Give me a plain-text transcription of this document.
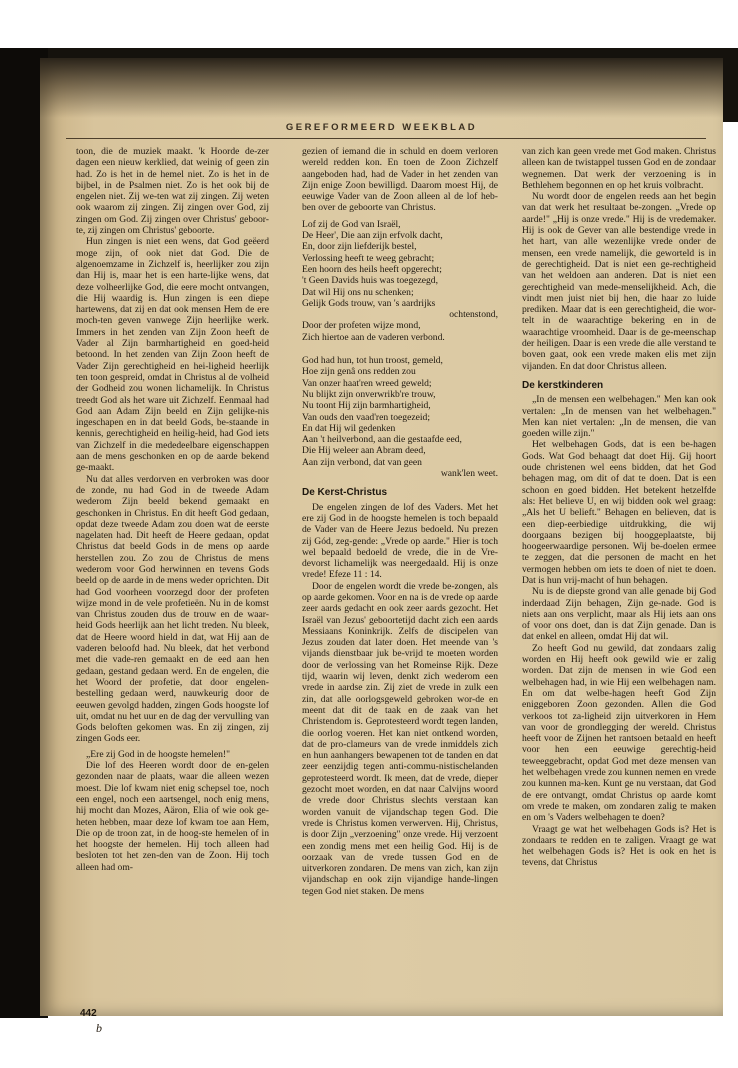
GEREFORMEERD WEEKBLAD

toon, die de muziek maakt. 'k Hoorde de-zer dagen een nieuw kerklied, dat weinig of geen zin had. Zo is het in de hemel niet. Zo is het in de bijbel, in de Psalmen niet. Zo is het ook bij de engelen niet. Zij we-ten wat zij zingen. Zij weten ook waarom zij zingen. Zij zingen over God, zij zingen om God. Zij zingen over Christus' geboor-te, zij zingen om Christus' geboorte.

Hun zingen is niet een wens, dat God geëerd moge zijn, of ook niet dat God. Die de algenoemzame in Zichzelf is, heerlijker zou zijn dan Hij is, maar het is een harte-lijke wens, dat deze volheerlijke God, die eere mocht ontvangen, die Hij waardig is. Hun zingen is een diepe hartewens, dat zij en dat ook mensen Hem de ere moch-ten geven vanwege Zijn heerlijke werk. Immers in het zenden van Zijn Zoon heeft de Vader al Zijn barmhartigheid en goed-heid betoond. In het zenden van Zijn Zoon heeft de Vader Zijn gerechtigheid en hei-ligheid heerlijk ten toon gespreid, omdat in Christus al de volheid der Godheid zou wonen lichamelijk. In Christus treedt God als het ware uit Zichzelf. Eenmaal had God aan Adam Zijn beeld en Zijn gelijke-nis ingeschapen en in dat beeld Gods, be-staande in kennis, gerechtigheid en heilig-heid, had God iets van Zichzelf in die mededeelbare eigenschappen aan de mens geschonken en op de aarde bekend ge-maakt.

Nu dat alles verdorven en verbroken was door de zonde, nu had God in de tweede Adam wederom Zijn beeld bekend gemaakt en geschonken in Christus. En dit heeft God gedaan, opdat deze tweede Adam zou doen wat de eerste nagelaten had. Dit heeft de Heere gedaan, opdat Christus dat beeld Gods in de mens op aarde herstellen zou. Zo zou de Christus de mens wederom voor God herwinnen en tevens Gods beeld op de aarde in de mens weder oprichten. Dit had God voorheen voorzegd door der profeten wijze mond in de vele profetieën. Nu in de komst van Christus zouden dus de trouw en de waar-heid Gods heerlijk aan het licht treden. Nu bleek, dat de Heere woord hield in dat, wat Hij aan de vaderen beloofd had. Nu bleek, dat het verbond met die vade-ren gemaakt en de eed aan hen gedaan, gestand gedaan werd. En de engelen, die het Woord der profetie, dat door engelen-bestelling gedaan werd, nauwkeurig door de eeuwen gevolgd hadden, zingen Gods hoogste lof uit, omdat nu het uur en de dag der vervulling van Gods beloften gekomen was. En zij zingen, zij zingen Gods eer.

„Ere zij God in de hoogste hemelen!"

Die lof des Heeren wordt door de en-gelen gezonden naar de plaats, waar die alleen wezen moest. Die lof kwam niet enig schepsel toe, noch een engel, noch een aartsengel, noch enig mens, hij mocht dan Mozes, Aäron, Elia of wie ook ge-heten hebben, maar deze lof kwam toe aan Hem, Die op de troon zat, in de hoog-ste hemelen of in het hoogste der hemelen. Hij toch alleen had besloten tot het zen-den van de Zoon. Hij toch alleen had om-

gezien of iemand die in schuld en doem verloren wereld redden kon. En toen de Zoon Zichzelf aangeboden had, had de Vader in het zenden van Zijn enige Zoon bewilligd. Daarom moest Hij, de eeuwige Vader van de Zoon alleen al de lof heb-ben over de geboorte van Christus.

Lof zij de God van Israël,
De Heer', Die aan zijn erfvolk dacht,
En, door zijn liefderijk bestel,
Verlossing heeft te weeg gebracht;
Een hoorn des heils heeft opgerecht;
't Geen Davids huis was toegezegd,
Dat wil Hij ons nu schenken;
Gelijk Gods trouw, van 's aardrijks
ochtenstond,
Door der profeten wijze mond,
Zich hiertoe aan de vaderen verbond.
God had hun, tot hun troost, gemeld,
Hoe zijn genâ ons redden zou
Van onzer haat'ren wreed geweld;
Nu blijkt zijn onverwrikb're trouw,
Nu toont Hij zijn barmhartigheid,
Van ouds den vaad'ren toegezeid;
En dat Hij wil gedenken
Aan 't heilverbond, aan die gestaafde eed,
Die Hij weleer aan Abram deed,
Aan zijn verbond, dat van geen
wank'len weet.
De Kerst-Christus

De engelen zingen de lof des Vaders. Met het ere zij God in de hoogste hemelen is toch bepaald de Vader van de Heere Jezus bedoeld. Nu prezen zij Gód, zeg-gende: „Vrede op aarde." Hier is toch wel bepaald bedoeld de vrede, die in de Vre-devorst lichamelijk was neergedaald. Hij is onze vrede! Efeze 11 : 14.

Door de engelen wordt die vrede be-zongen, als op aarde gekomen. Voor en na is de vrede op aarde zeer aards gedacht en ook zeer aards gezocht. Het Israël van Jezus' geboortetijd dacht zich een aards Messiaans Koninkrijk. Zelfs de discipelen van Jezus zouden dat later doen. Het meende van 's vijands dienstbaar juk be-vrijd te moeten worden door de verlossing van het Romeinse Rijk. Deze tijd, waarin wij leven, denkt zich wederom een vrede in aardse zin. Zij ziet de vrede in zulk een zin, dat alle oorlogsgeweld gebroken wor-de en meent dat dit de taak en de zaak van het Christendom is. Geprotesteerd wordt tegen landen, die oorlog voeren. Het kan niet ontkend worden, dat de pro-clameurs van de vrede inmiddels zich en hun aanhangers bewapenen tot de tanden en dat zeer eenzijdig tegen anti-commu-nistischelanden geprotesteerd wordt. Ik meen, dat de vrede, dieper gezocht moet worden, en dat naar Calvijns woord de vrede door Christus slechts verstaan kan worden vanuit de vijandschap tegen God. Die vrede is Christus komen verwerven. Hij, Christus, is door Zijn „verzoening" onze vrede. Hij verzoent een zondig mens met een heilig God. Hij is de oorzaak van de vrede tussen God en de uitverkoren zondaren. De mens van zich, kan zijn vijandschap en ook zijn vijandige hande-lingen tegen God niet staken. De mens

van zich kan geen vrede met God maken. Christus alleen kan de twistappel tussen God en de zondaar wegnemen. Dat werk der verzoening is in Bethlehem begonnen en op het kruis volbracht.

Nu wordt door de engelen reeds aan het begin van dat werk het resultaat be-zongen. „Vrede op aarde!" „Hij is onze vrede." Hij is de vredemaker. Hij is ook de Gever van alle bestendige vrede in het hart, van alle wezenlijke vrede onder de mensen, een vrede namelijk, die geworteld is in de gerechtigheid. Dat is niet een ge-rechtigheid van het weldoen aan anderen. Dat is niet een gerechtigheid van mede-menselijkheid. Ach, die vindt men juist niet bij hen, die haar zo luide prediken. Maar dat is een gerechtigheid, die wor-telt in de waarachtige bekering en in de waarachtige vroomheid. Daar is de ge-meenschap der heiligen. Daar is een vrede die alle verstand te boven gaat, ook een vrede maken elis met zijn vijanden. En dat door Christus alleen.

De kerstkinderen

„In de mensen een welbehagen." Men kan ook vertalen: „In de mensen van het welbehagen." Men kan niet vertalen: „In de mensen, die van goeden wille zijn."

Het welbehagen Gods, dat is een be-hagen Gods. Wat God behaagt dat doet Hij. Gij hoort oude christenen wel eens bidden, dat het God behagen mag, om dit of dat te doen. Dat is een schoon en goed bidden. Het betekent hetzelfde als: Het believe U, en wij bidden ook wel graag: „Als het U belieft." Behagen en believen, dat is een diep-eerbiedige uitdrukking, die wij doorgaans bezigen bij hooggeplaatste, bij hoogeerwaardige personen. Wij be-doelen ermee te zeggen, dat die personen de macht en het vermogen hebben om iets te doen of niet te doen. Dat is hun vrij-macht of hun behagen.

Nu is de diepste grond van alle genade bij God inderdaad Zijn behagen, Zijn ge-nade. God is niets aan ons verplicht, maar als Hij iets aan ons of voor ons doet, dan is dat Zijn genade. Dan is dat enkel en alleen, omdat Hij dat wil.

Zo heeft God nu gewild, dat zondaars zalig worden en Hij heeft ook gewild wie er zalig worden. Dat zijn de mensen in wie God een welbehagen had, in wie Hij een welbehagen nam. En om dat welbe-hagen heeft God Zijn eniggeboren Zoon gezonden. Allen die God verkoos tot za-ligheid zijn uitverkoren in Hem van voor de grondlegging der wereld. Christus heeft voor de Zijnen het rantsoen betaald en heeft voor hen een eeuwige gerechtig-heid teweeggebracht, opdat God met deze mensen van het welbehagen vrede zou kunnen nemen en vrede zou kunnen ma-ken. Kunt ge nu verstaan, dat God de ere ontvangt, omdat Christus op aarde komt om vrede te maken, om zondaren zalig te maken en om 's Vaders welbehagen te doen?

Vraagt ge wat het welbehagen Gods is? Het is zondaars te redden en te zaligen. Vraagt ge wat het welbehagen Gods is? Het is ook en het is tevens, dat Christus

442
b
